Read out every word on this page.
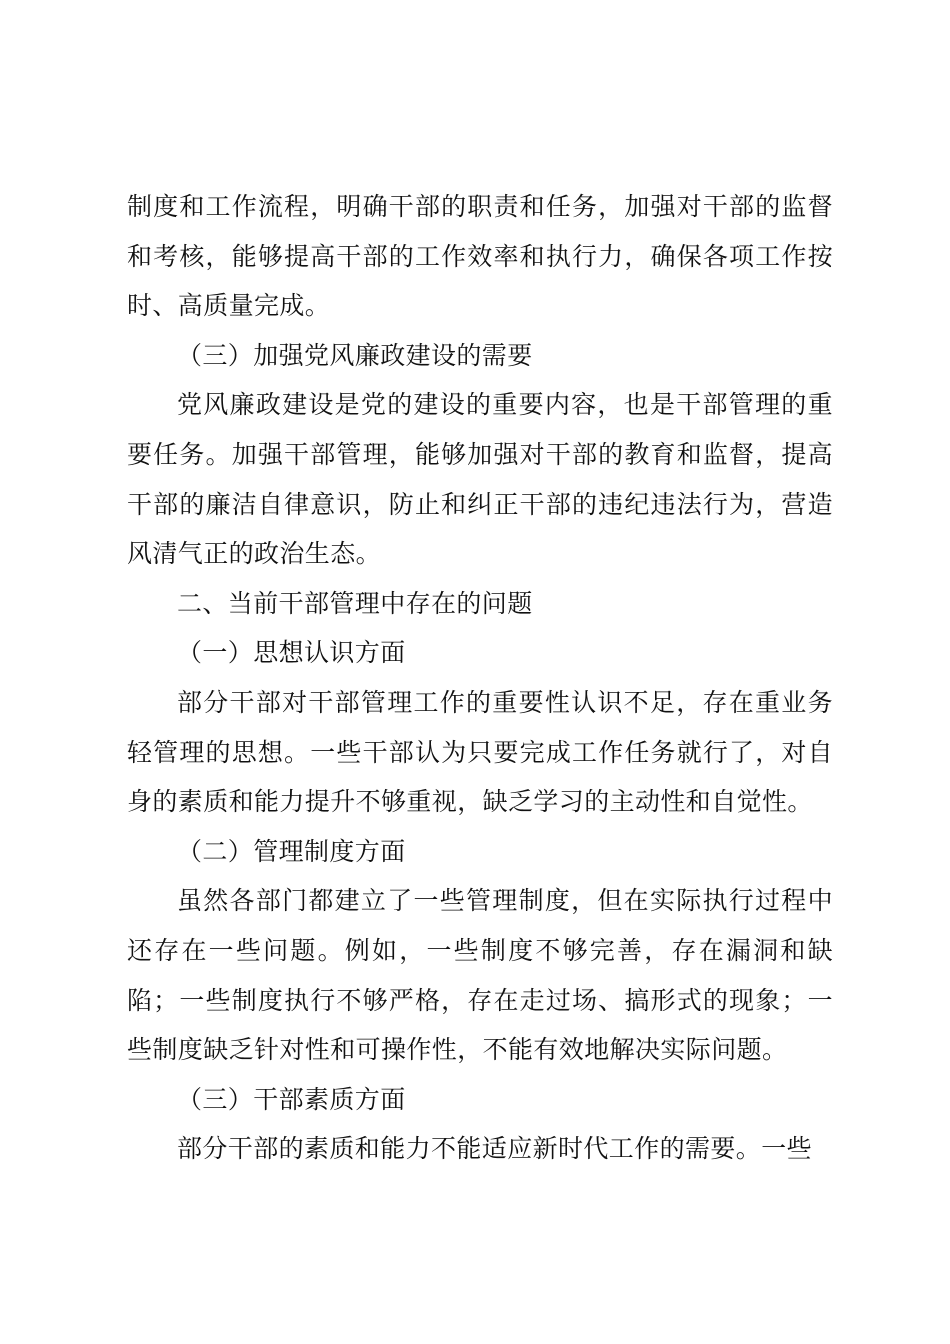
制度和工作流程，明确干部的职责和任务，加强对干部的监督和考核，能够提高干部的工作效率和执行力，确保各项工作按时、高质量完成。

（三）加强党风廉政建设的需要

党风廉政建设是党的建设的重要内容，也是干部管理的重要任务。加强干部管理，能够加强对干部的教育和监督，提高干部的廉洁自律意识，防止和纠正干部的违纪违法行为，营造风清气正的政治生态。

二、当前干部管理中存在的问题

（一）思想认识方面

部分干部对干部管理工作的重要性认识不足，存在重业务轻管理的思想。一些干部认为只要完成工作任务就行了，对自身的素质和能力提升不够重视，缺乏学习的主动性和自觉性。

（二）管理制度方面

虽然各部门都建立了一些管理制度，但在实际执行过程中还存在一些问题。例如，一些制度不够完善，存在漏洞和缺陷；一些制度执行不够严格，存在走过场、搞形式的现象；一些制度缺乏针对性和可操作性，不能有效地解决实际问题。

（三）干部素质方面

部分干部的素质和能力不能适应新时代工作的需要。一些
